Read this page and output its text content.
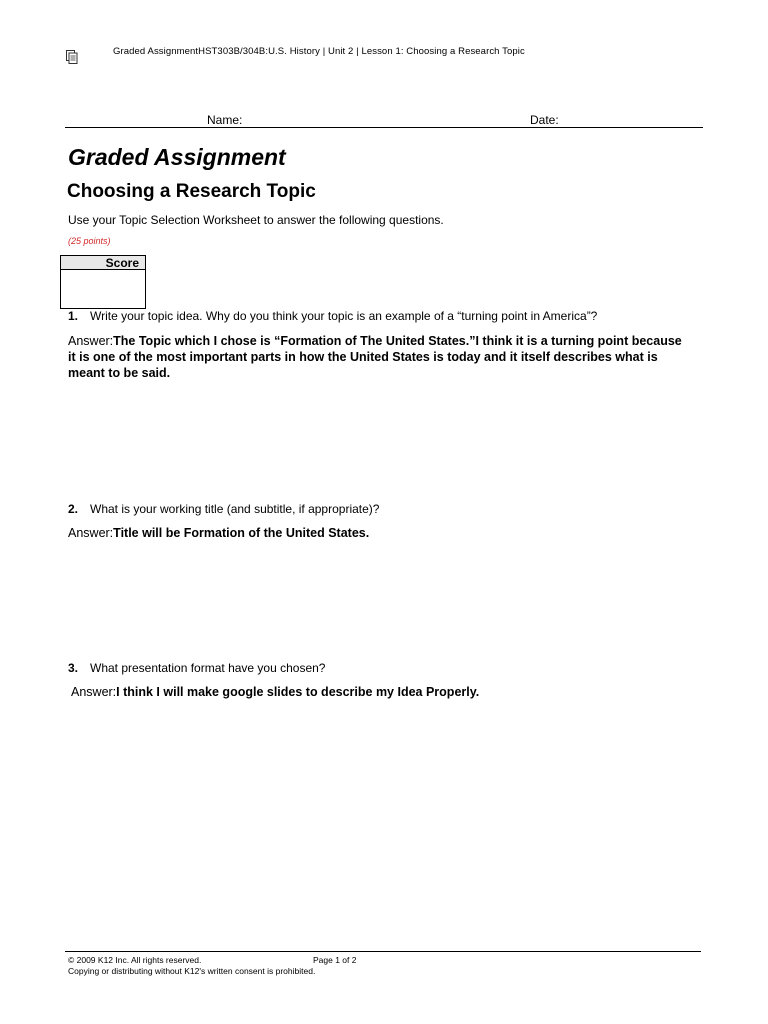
Graded AssignmentHST303B/304B:U.S. History | Unit 2 | Lesson 1: Choosing a Research Topic
Name:	Date:
Graded Assignment
Choosing a Research Topic
Use your Topic Selection Worksheet to answer the following questions.
(25 points)
Score
1. Write your topic idea. Why do you think your topic is an example of a “turning point in America”?
Answer:The Topic which I chose is “Formation of The United States.”I think it is a turning point because it is one of the most important parts in how the United States is today and it itself describes what is meant to be said.
2. What is your working title (and subtitle, if appropriate)?
Answer:Title will be Formation of the United States.
3. What presentation format have you chosen?
Answer:I think I will make google slides to describe my Idea Properly.
© 2009 K12 Inc. All rights reserved.	Page 1 of 2
Copying or distributing without K12's written consent is prohibited.
